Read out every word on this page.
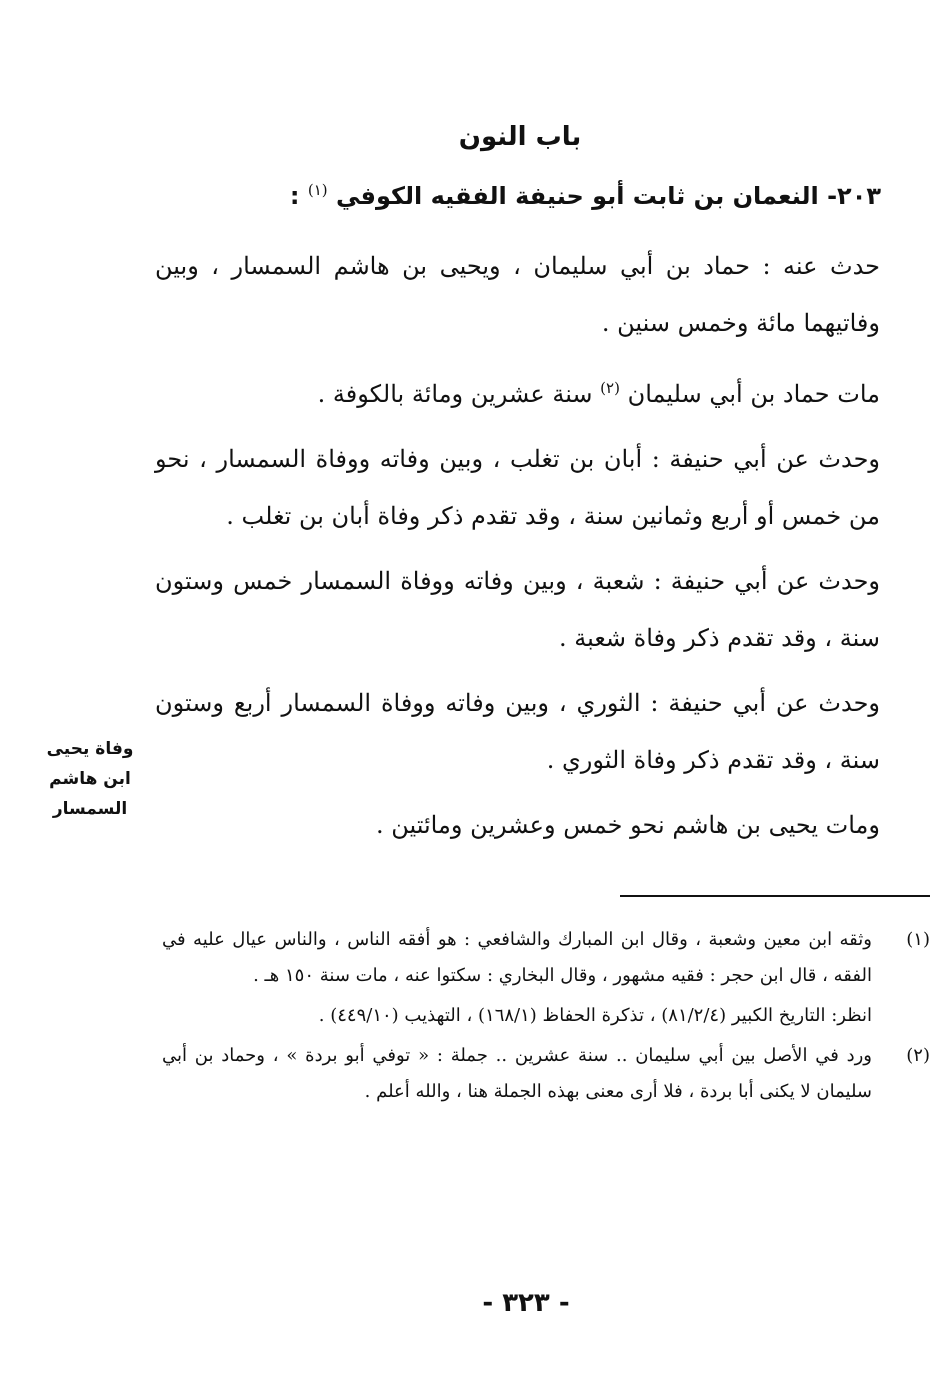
باب النون
٢٠٣- النعمان بن ثابت أبو حنيفة الفقيه الكوفي $^{(١)}$ :

حدث عنه : حماد بن أبي سليمان ، ويحيى بن هاشم السمسار ، وبين وفاتيهما مائة وخمس سنين .

مات حماد بن أبي سليمان $^{(٢)}$ سنة عشرين ومائة بالكوفة .

وحدث عن أبي حنيفة : أبان بن تغلب ، وبين وفاته ووفاة السمسار ، نحو من خمس أو أربع وثمانين سنة ، وقد تقدم ذكر وفاة أبان بن تغلب .

وحدث عن أبي حنيفة : شعبة ، وبين وفاته ووفاة السمسار خمس وستون سنة ، وقد تقدم ذكر وفاة شعبة .

وحدث عن أبي حنيفة : الثوري ، وبين وفاته ووفاة السمسار أربع وستون سنة ، وقد تقدم ذكر وفاة الثوري .

ومات يحيى بن هاشم نحو خمس وعشرين ومائتين .

وفاة يحيى
ابن هاشم
السمسار
(١)
وثقه ابن معين وشعبة ، وقال ابن المبارك والشافعي : هو أفقه الناس ، والناس عيال عليه في الفقه ، قال ابن حجر : فقيه مشهور ، وقال البخاري : سكتوا عنه ، مات سنة ١٥٠ هـ .
انظر: التاريخ الكبير (٨١/٢/٤) ، تذكرة الحفاظ (١٦٨/١) ، التهذيب (٤٤٩/١٠) .
(٢)
ورد في الأصل بين أبي سليمان .. سنة عشرين .. جملة : « توفي أبو بردة » ، وحماد بن أبي سليمان لا يكنى أبا بردة ، فلا أرى معنى بهذه الجملة هنا ، والله أعلم .
- ٣٢٣ -
